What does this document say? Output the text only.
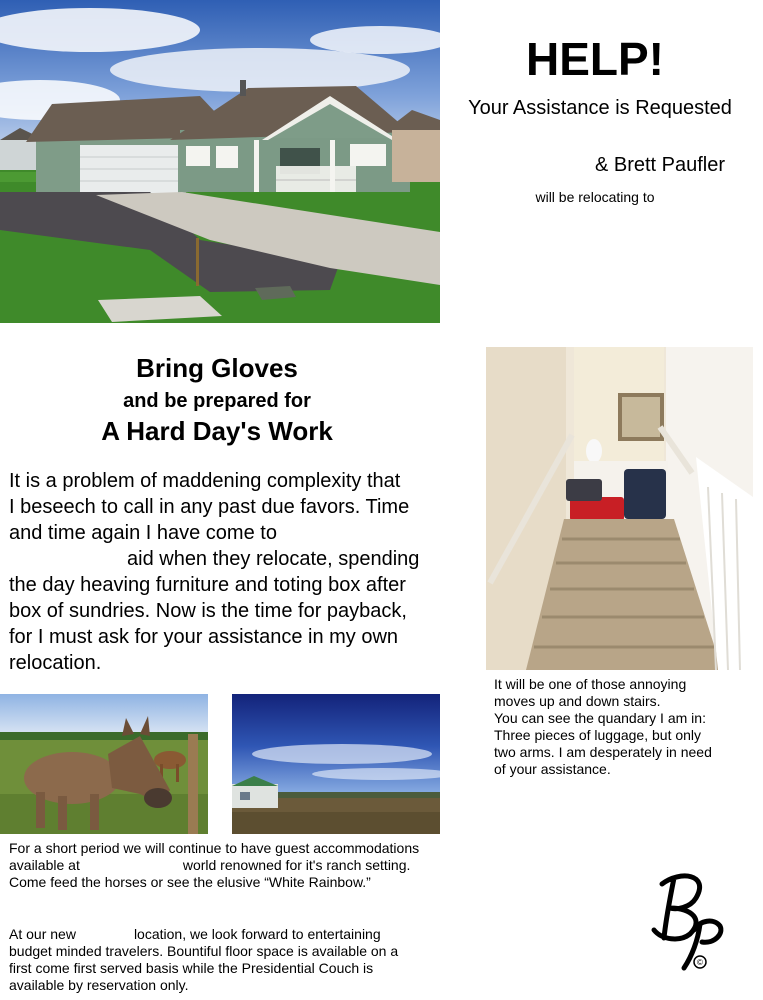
HELP!
Your Assistance is Requested
& Brett Paufler
will be relocating to
Bring Gloves
and be prepared for
A Hard Day's Work
It is a problem of maddening complexity that
I beseech to call in any past due favors. Time
and time again I have come to
aid when they relocate, spending
the day heaving furniture and toting box after
box of sundries. Now is the time for payback,
for I must ask for your assistance in my own
relocation.
It will be one of those annoying
moves up and down stairs.
You can see the quandary I am in:
Three pieces of luggage, but only
two arms. I am desperately in need
of your assistance.
For a short period we will continue to have guest accommodations
available at	world renowned for it's ranch setting.
Come feed the horses or see the elusive “White Rainbow.”
At our new	location, we look forward to entertaining
budget minded travelers. Bountiful floor space is available on a
first come first served basis while the Presidential Couch is
available by reservation only.
©
